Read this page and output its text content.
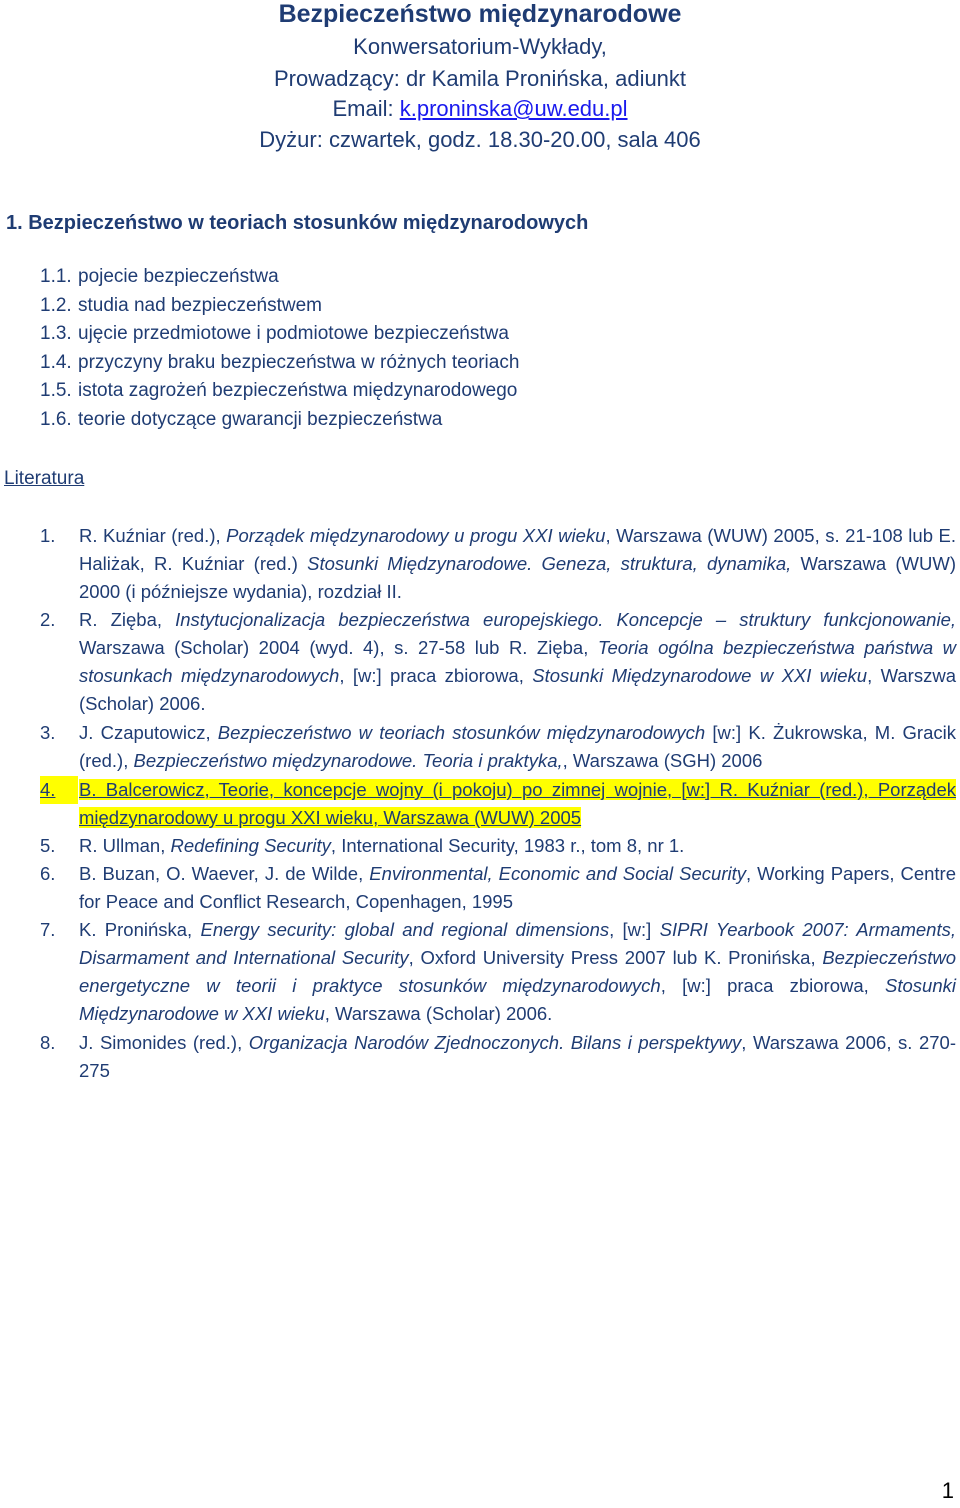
Bezpieczeństwo międzynarodowe
Konwersatorium-Wykłady,
Prowadzący: dr Kamila Pronińska, adiunkt
Email: k.proninska@uw.edu.pl
Dyżur: czwartek, godz. 18.30-20.00, sala 406
1. Bezpieczeństwo w teoriach stosunków międzynarodowych
1.1. pojecie bezpieczeństwa
1.2. studia nad bezpieczeństwem
1.3. ujęcie przedmiotowe i podmiotowe bezpieczeństwa
1.4. przyczyny braku bezpieczeństwa w różnych teoriach
1.5. istota zagrożeń bezpieczeństwa międzynarodowego
1.6. teorie dotyczące gwarancji bezpieczeństwa
Literatura
1.	R. Kuźniar (red.), Porządek międzynarodowy u progu XXI wieku, Warszawa (WUW) 2005, s. 21-108 lub E. Haliżak, R. Kuźniar (red.) Stosunki Międzynarodowe. Geneza, struktura, dynamika, Warszawa (WUW) 2000 (i późniejsze wydania), rozdział II.
2.	R. Zięba, Instytucjonalizacja bezpieczeństwa europejskiego. Koncepcje – struktury funkcjonowanie, Warszawa (Scholar) 2004 (wyd. 4), s. 27-58 lub R. Zięba, Teoria ogólna bezpieczeństwa państwa w stosunkach międzynarodowych, [w:] praca zbiorowa, Stosunki Międzynarodowe w XXI wieku, Warszwa (Scholar) 2006.
3.	J. Czaputowicz, Bezpieczeństwo w teoriach stosunków międzynarodowych [w:] K. Żukrowska, M. Gracik (red.), Bezpieczeństwo międzynarodowe. Teoria i praktyka,, Warszawa (SGH) 2006
4.	B. Balcerowicz, Teorie, koncepcje wojny (i pokoju) po zimnej wojnie, [w:] R. Kuźniar (red.), Porządek międzynarodowy u progu XXI wieku, Warszawa (WUW) 2005
5.	R. Ullman, Redefining Security, International Security, 1983 r., tom 8, nr 1.
6.	B. Buzan, O. Waever, J. de Wilde, Environmental, Economic and Social Security, Working Papers, Centre for Peace and Conflict Research, Copenhagen, 1995
7.	K. Pronińska, Energy security: global and regional dimensions, [w:] SIPRI Yearbook 2007: Armaments, Disarmament and International Security, Oxford University Press 2007 lub K. Pronińska, Bezpieczeństwo energetyczne w teorii i praktyce stosunków międzynarodowych, [w:] praca zbiorowa, Stosunki Międzynarodowe w XXI wieku, Warszawa (Scholar) 2006.
8.	J. Simonides (red.), Organizacja Narodów Zjednoczonych. Bilans i perspektywy, Warszawa 2006, s. 270-275
1
